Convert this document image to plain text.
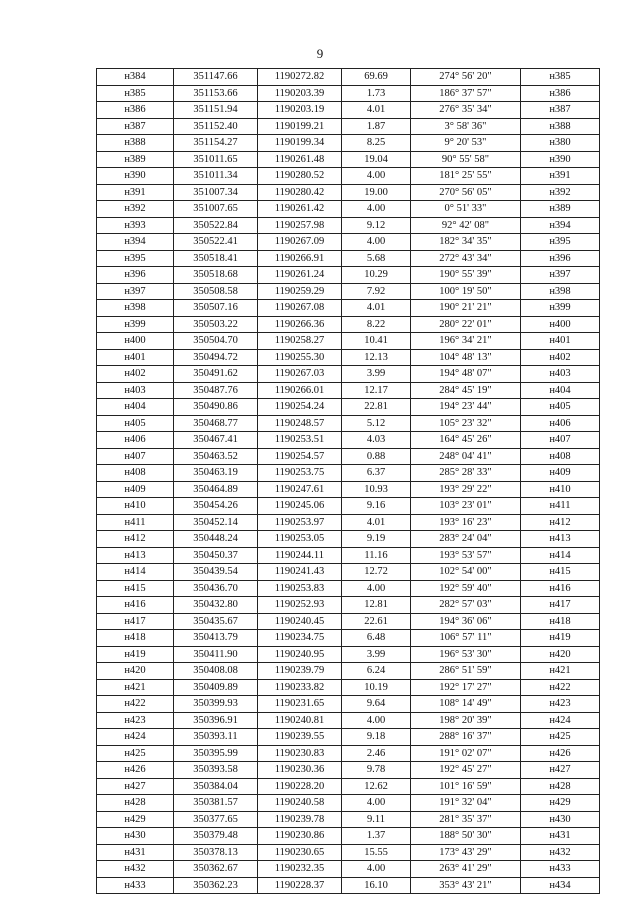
9
н384	351147.66	1190272.82	69.69	274° 56' 20"	н385
н385	351153.66	1190203.39	1.73	186° 37' 57"	н386
н386	351151.94	1190203.19	4.01	276° 35' 34"	н387
н387	351152.40	1190199.21	1.87	3° 58' 36"	н388
н388	351154.27	1190199.34	8.25	9° 20' 53"	н380
н389	351011.65	1190261.48	19.04	90° 55' 58"	н390
н390	351011.34	1190280.52	4.00	181° 25' 55"	н391
н391	351007.34	1190280.42	19.00	270° 56' 05"	н392
н392	351007.65	1190261.42	4.00	0° 51' 33"	н389
н393	350522.84	1190257.98	9.12	92° 42' 08"	н394
н394	350522.41	1190267.09	4.00	182° 34' 35"	н395
н395	350518.41	1190266.91	5.68	272° 43' 34"	н396
н396	350518.68	1190261.24	10.29	190° 55' 39"	н397
н397	350508.58	1190259.29	7.92	100° 19' 50"	н398
н398	350507.16	1190267.08	4.01	190° 21' 21"	н399
н399	350503.22	1190266.36	8.22	280° 22' 01"	н400
н400	350504.70	1190258.27	10.41	196° 34' 21"	н401
н401	350494.72	1190255.30	12.13	104° 48' 13"	н402
н402	350491.62	1190267.03	3.99	194° 48' 07"	н403
н403	350487.76	1190266.01	12.17	284° 45' 19"	н404
н404	350490.86	1190254.24	22.81	194° 23' 44"	н405
н405	350468.77	1190248.57	5.12	105° 23' 32"	н406
н406	350467.41	1190253.51	4.03	164° 45' 26"	н407
н407	350463.52	1190254.57	0.88	248° 04' 41"	н408
н408	350463.19	1190253.75	6.37	285° 28' 33"	н409
н409	350464.89	1190247.61	10.93	193° 29' 22"	н410
н410	350454.26	1190245.06	9.16	103° 23' 01"	н411
н411	350452.14	1190253.97	4.01	193° 16' 23"	н412
н412	350448.24	1190253.05	9.19	283° 24' 04"	н413
н413	350450.37	1190244.11	11.16	193° 53' 57"	н414
н414	350439.54	1190241.43	12.72	102° 54' 00"	н415
н415	350436.70	1190253.83	4.00	192° 59' 40"	н416
н416	350432.80	1190252.93	12.81	282° 57' 03"	н417
н417	350435.67	1190240.45	22.61	194° 36' 06"	н418
н418	350413.79	1190234.75	6.48	106° 57' 11"	н419
н419	350411.90	1190240.95	3.99	196° 53' 30"	н420
н420	350408.08	1190239.79	6.24	286° 51' 59"	н421
н421	350409.89	1190233.82	10.19	192° 17' 27"	н422
н422	350399.93	1190231.65	9.64	108° 14' 49"	н423
н423	350396.91	1190240.81	4.00	198° 20' 39"	н424
н424	350393.11	1190239.55	9.18	288° 16' 37"	н425
н425	350395.99	1190230.83	2.46	191° 02' 07"	н426
н426	350393.58	1190230.36	9.78	192° 45' 27"	н427
н427	350384.04	1190228.20	12.62	101° 16' 59"	н428
н428	350381.57	1190240.58	4.00	191° 32' 04"	н429
н429	350377.65	1190239.78	9.11	281° 35' 37"	н430
н430	350379.48	1190230.86	1.37	188° 50' 30"	н431
н431	350378.13	1190230.65	15.55	173° 43' 29"	н432
н432	350362.67	1190232.35	4.00	263° 41' 29"	н433
н433	350362.23	1190228.37	16.10	353° 43' 21"	н434
